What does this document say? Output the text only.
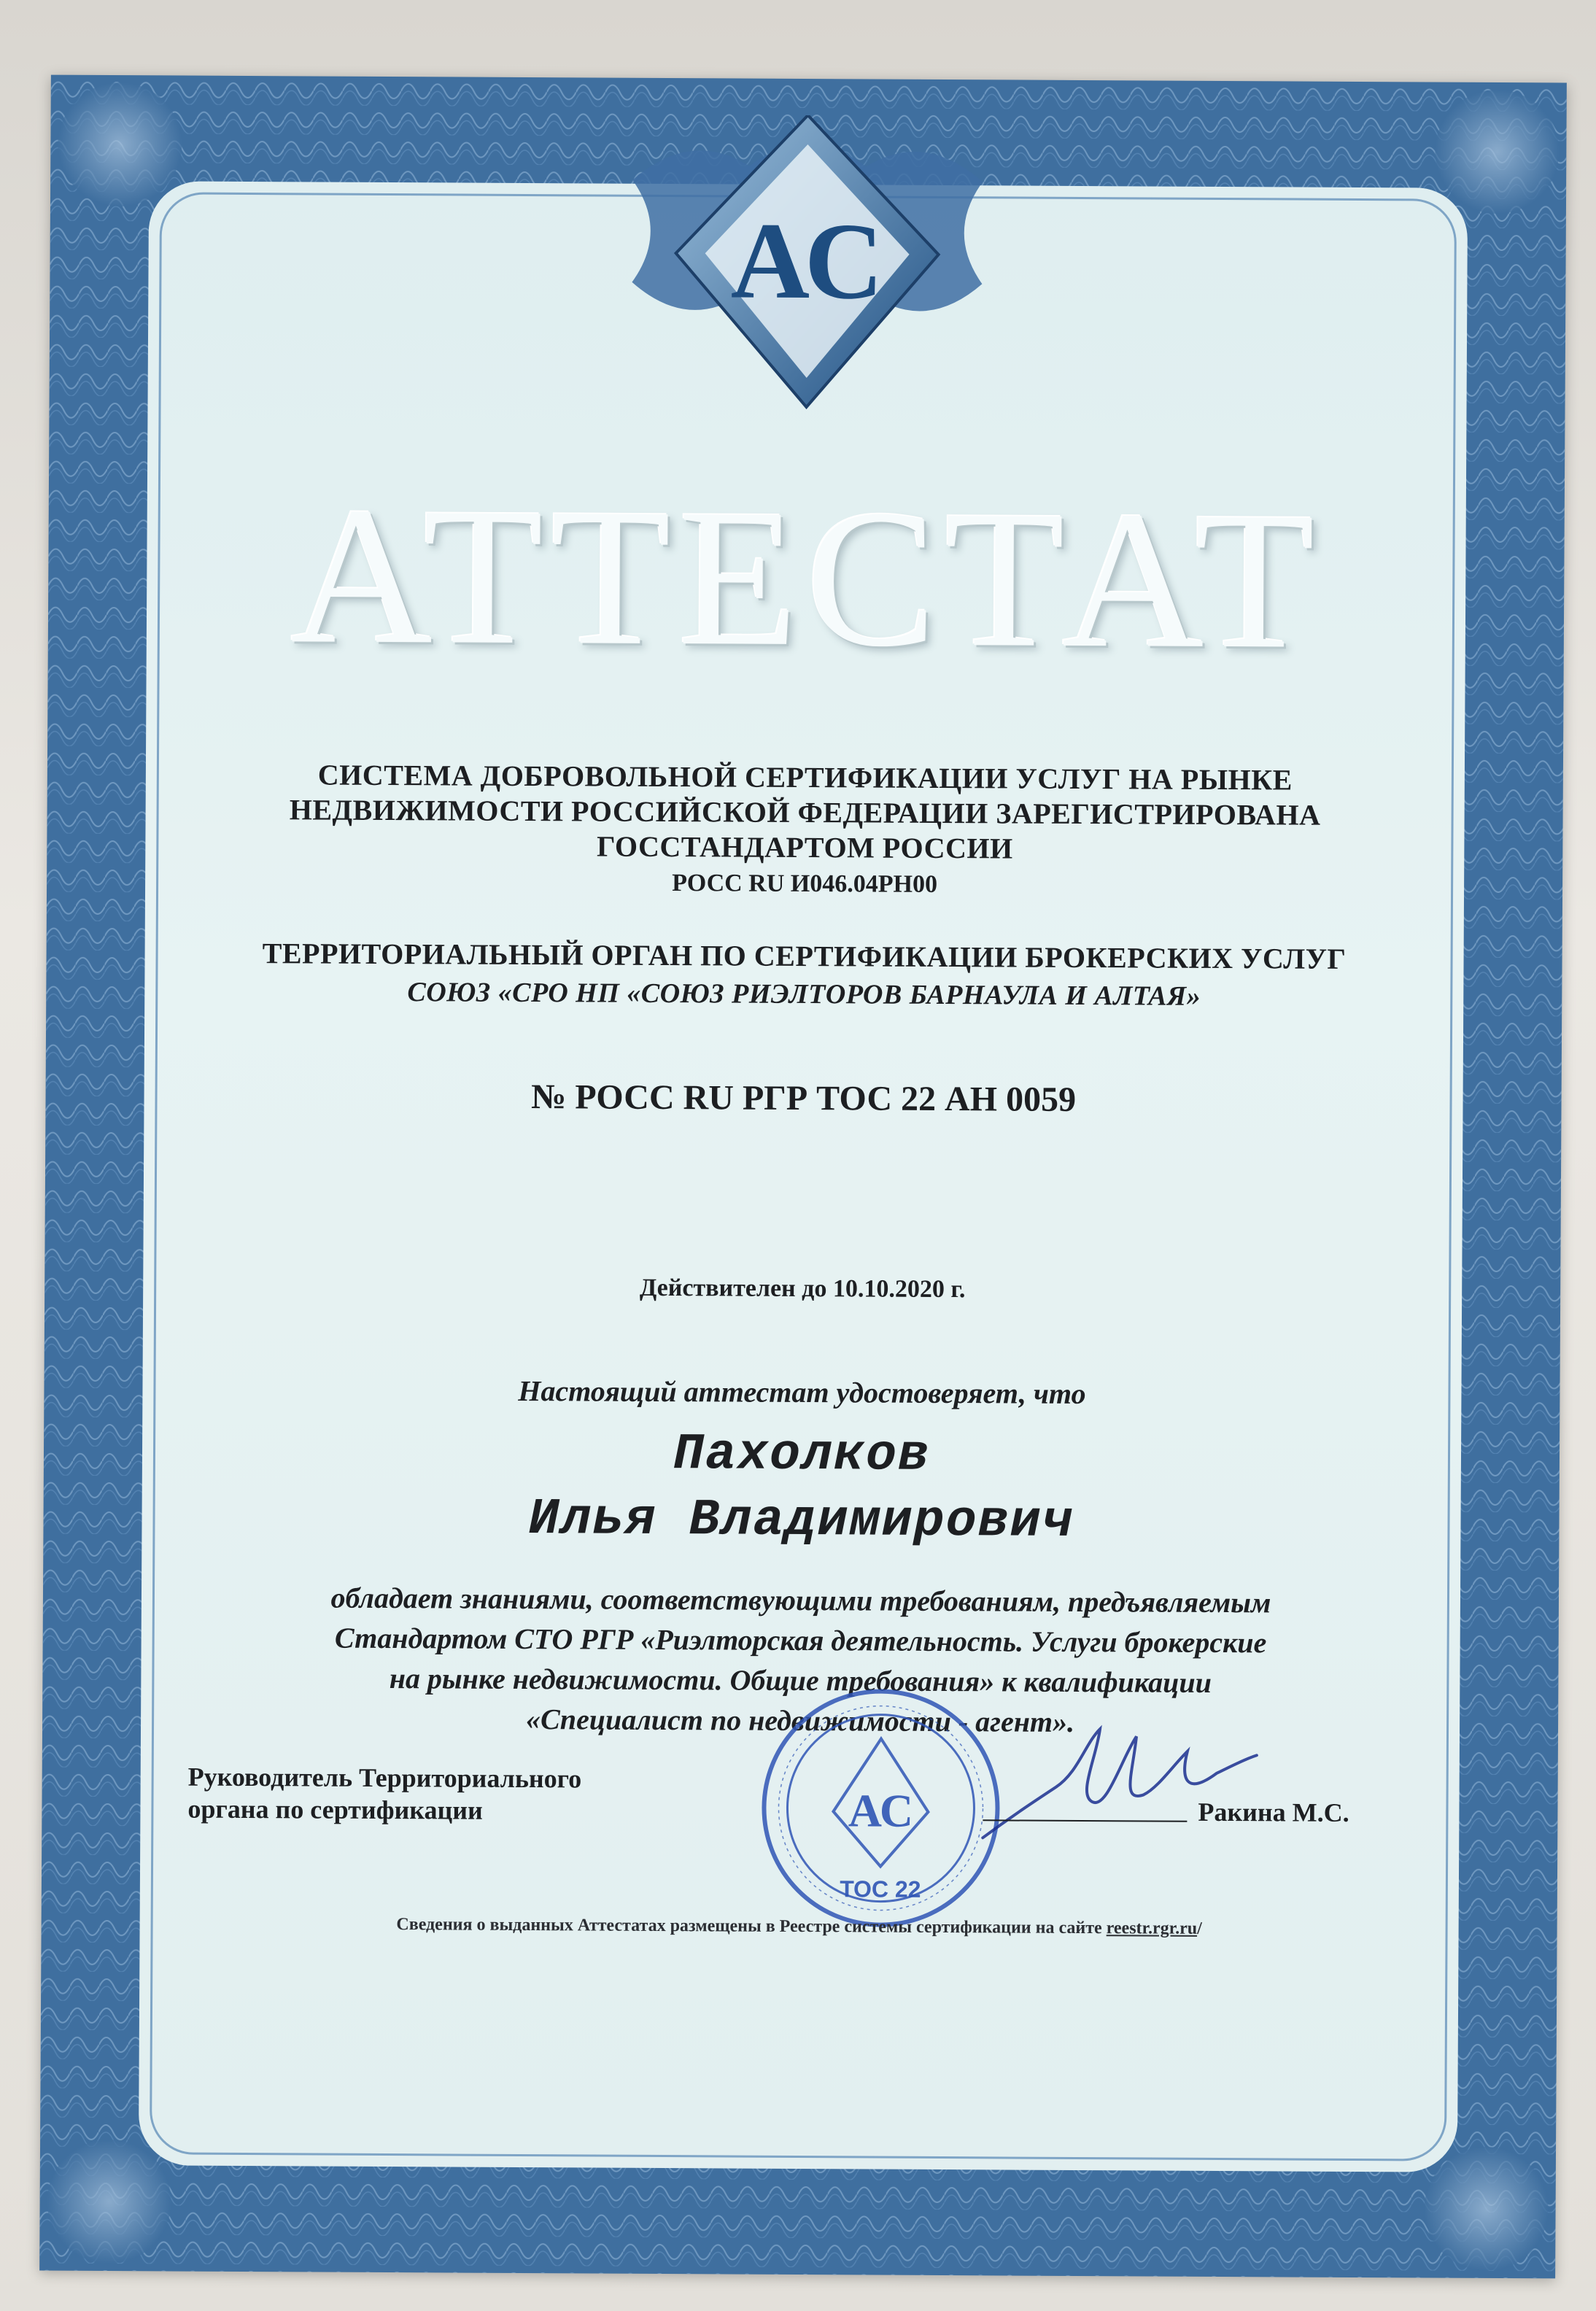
АС
АТТЕСТАТ
СИСТЕМА ДОБРОВОЛЬНОЙ СЕРТИФИКАЦИИ УСЛУГ НА РЫНКЕ
НЕДВИЖИМОСТИ РОССИЙСКОЙ ФЕДЕРАЦИИ ЗАРЕГИСТРИРОВАНА
ГОССТАНДАРТОМ РОССИИ
РОСС RU И046.04РН00
ТЕРРИТОРИАЛЬНЫЙ ОРГАН ПО СЕРТИФИКАЦИИ БРОКЕРСКИХ УСЛУГ
СОЮЗ «СРО НП «СОЮЗ РИЭЛТОРОВ БАРНАУЛА И АЛТАЯ»
№ РОСС RU РГР ТОС 22 АН 0059
Действителен до 10.10.2020 г.
Настоящий аттестат удостоверяет, что
Пахолков
Илья Владимирович
обладает знаниями, соответствующими требованиям, предъявляемым
Стандартом СТО РГР «Риэлторская деятельность. Услуги брокерские
на рынке недвижимости. Общие требования» к квалификации
«Специалист по недвижимости - агент».
Руководитель Территориального
органа по сертификации	АС
ТОС 22
Ракина М.С.
Сведения о выданных Аттестатах размещены в Реестре системы сертификации на сайте reestr.rgr.ru/
